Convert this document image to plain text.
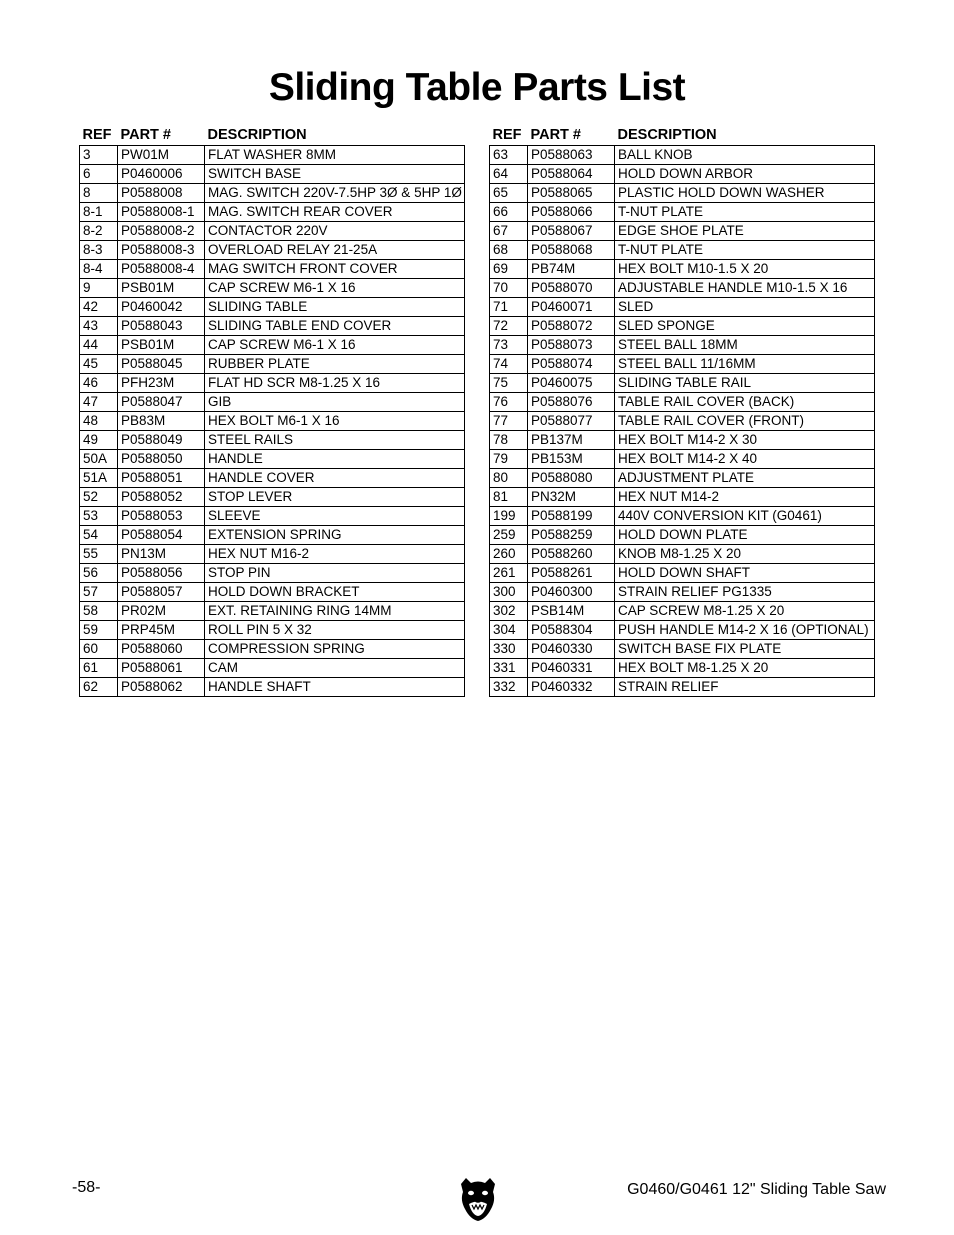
Sliding Table Parts List
REF	PART #	DESCRIPTION
3	PW01M	FLAT WASHER 8MM
6	P0460006	SWITCH BASE
8	P0588008	MAG. SWITCH 220V-7.5HP 3Ø & 5HP 1Ø
8-1	P0588008-1	MAG. SWITCH REAR COVER
8-2	P0588008-2	CONTACTOR 220V
8-3	P0588008-3	OVERLOAD RELAY 21-25A
8-4	P0588008-4	MAG SWITCH FRONT COVER
9	PSB01M	CAP SCREW M6-1 X 16
42	P0460042	SLIDING TABLE
43	P0588043	SLIDING TABLE END COVER
44	PSB01M	CAP SCREW M6-1 X 16
45	P0588045	RUBBER PLATE
46	PFH23M	FLAT HD SCR M8-1.25 X 16
47	P0588047	GIB
48	PB83M	HEX BOLT M6-1 X 16
49	P0588049	STEEL RAILS
50A	P0588050	HANDLE
51A	P0588051	HANDLE COVER
52	P0588052	STOP LEVER
53	P0588053	SLEEVE
54	P0588054	EXTENSION SPRING
55	PN13M	HEX NUT M16-2
56	P0588056	STOP PIN
57	P0588057	HOLD DOWN BRACKET
58	PR02M	EXT. RETAINING RING 14MM
59	PRP45M	ROLL PIN 5 X 32
60	P0588060	COMPRESSION SPRING
61	P0588061	CAM
62	P0588062	HANDLE SHAFT
REF	PART #	DESCRIPTION
63	P0588063	BALL KNOB
64	P0588064	HOLD DOWN ARBOR
65	P0588065	PLASTIC HOLD DOWN WASHER
66	P0588066	T-NUT PLATE
67	P0588067	EDGE SHOE PLATE
68	P0588068	T-NUT PLATE
69	PB74M	HEX BOLT M10-1.5 X 20
70	P0588070	ADJUSTABLE HANDLE M10-1.5 X 16
71	P0460071	SLED
72	P0588072	SLED SPONGE
73	P0588073	STEEL BALL 18MM
74	P0588074	STEEL BALL 11/16MM
75	P0460075	SLIDING TABLE RAIL
76	P0588076	TABLE RAIL COVER (BACK)
77	P0588077	TABLE RAIL COVER (FRONT)
78	PB137M	HEX BOLT M14-2 X 30
79	PB153M	HEX BOLT M14-2 X 40
80	P0588080	ADJUSTMENT PLATE
81	PN32M	HEX NUT M14-2
199	P0588199	440V CONVERSION KIT (G0461)
259	P0588259	HOLD DOWN PLATE
260	P0588260	KNOB M8-1.25 X 20
261	P0588261	HOLD DOWN SHAFT
300	P0460300	STRAIN RELIEF PG1335
302	PSB14M	CAP SCREW M8-1.25 X 20
304	P0588304	PUSH HANDLE M14-2 X 16 (OPTIONAL)
330	P0460330	SWITCH BASE FIX PLATE
331	P0460331	HEX BOLT M8-1.25 X 20
332	P0460332	STRAIN RELIEF
-58-	G0460/G0461 12" Sliding Table Saw
